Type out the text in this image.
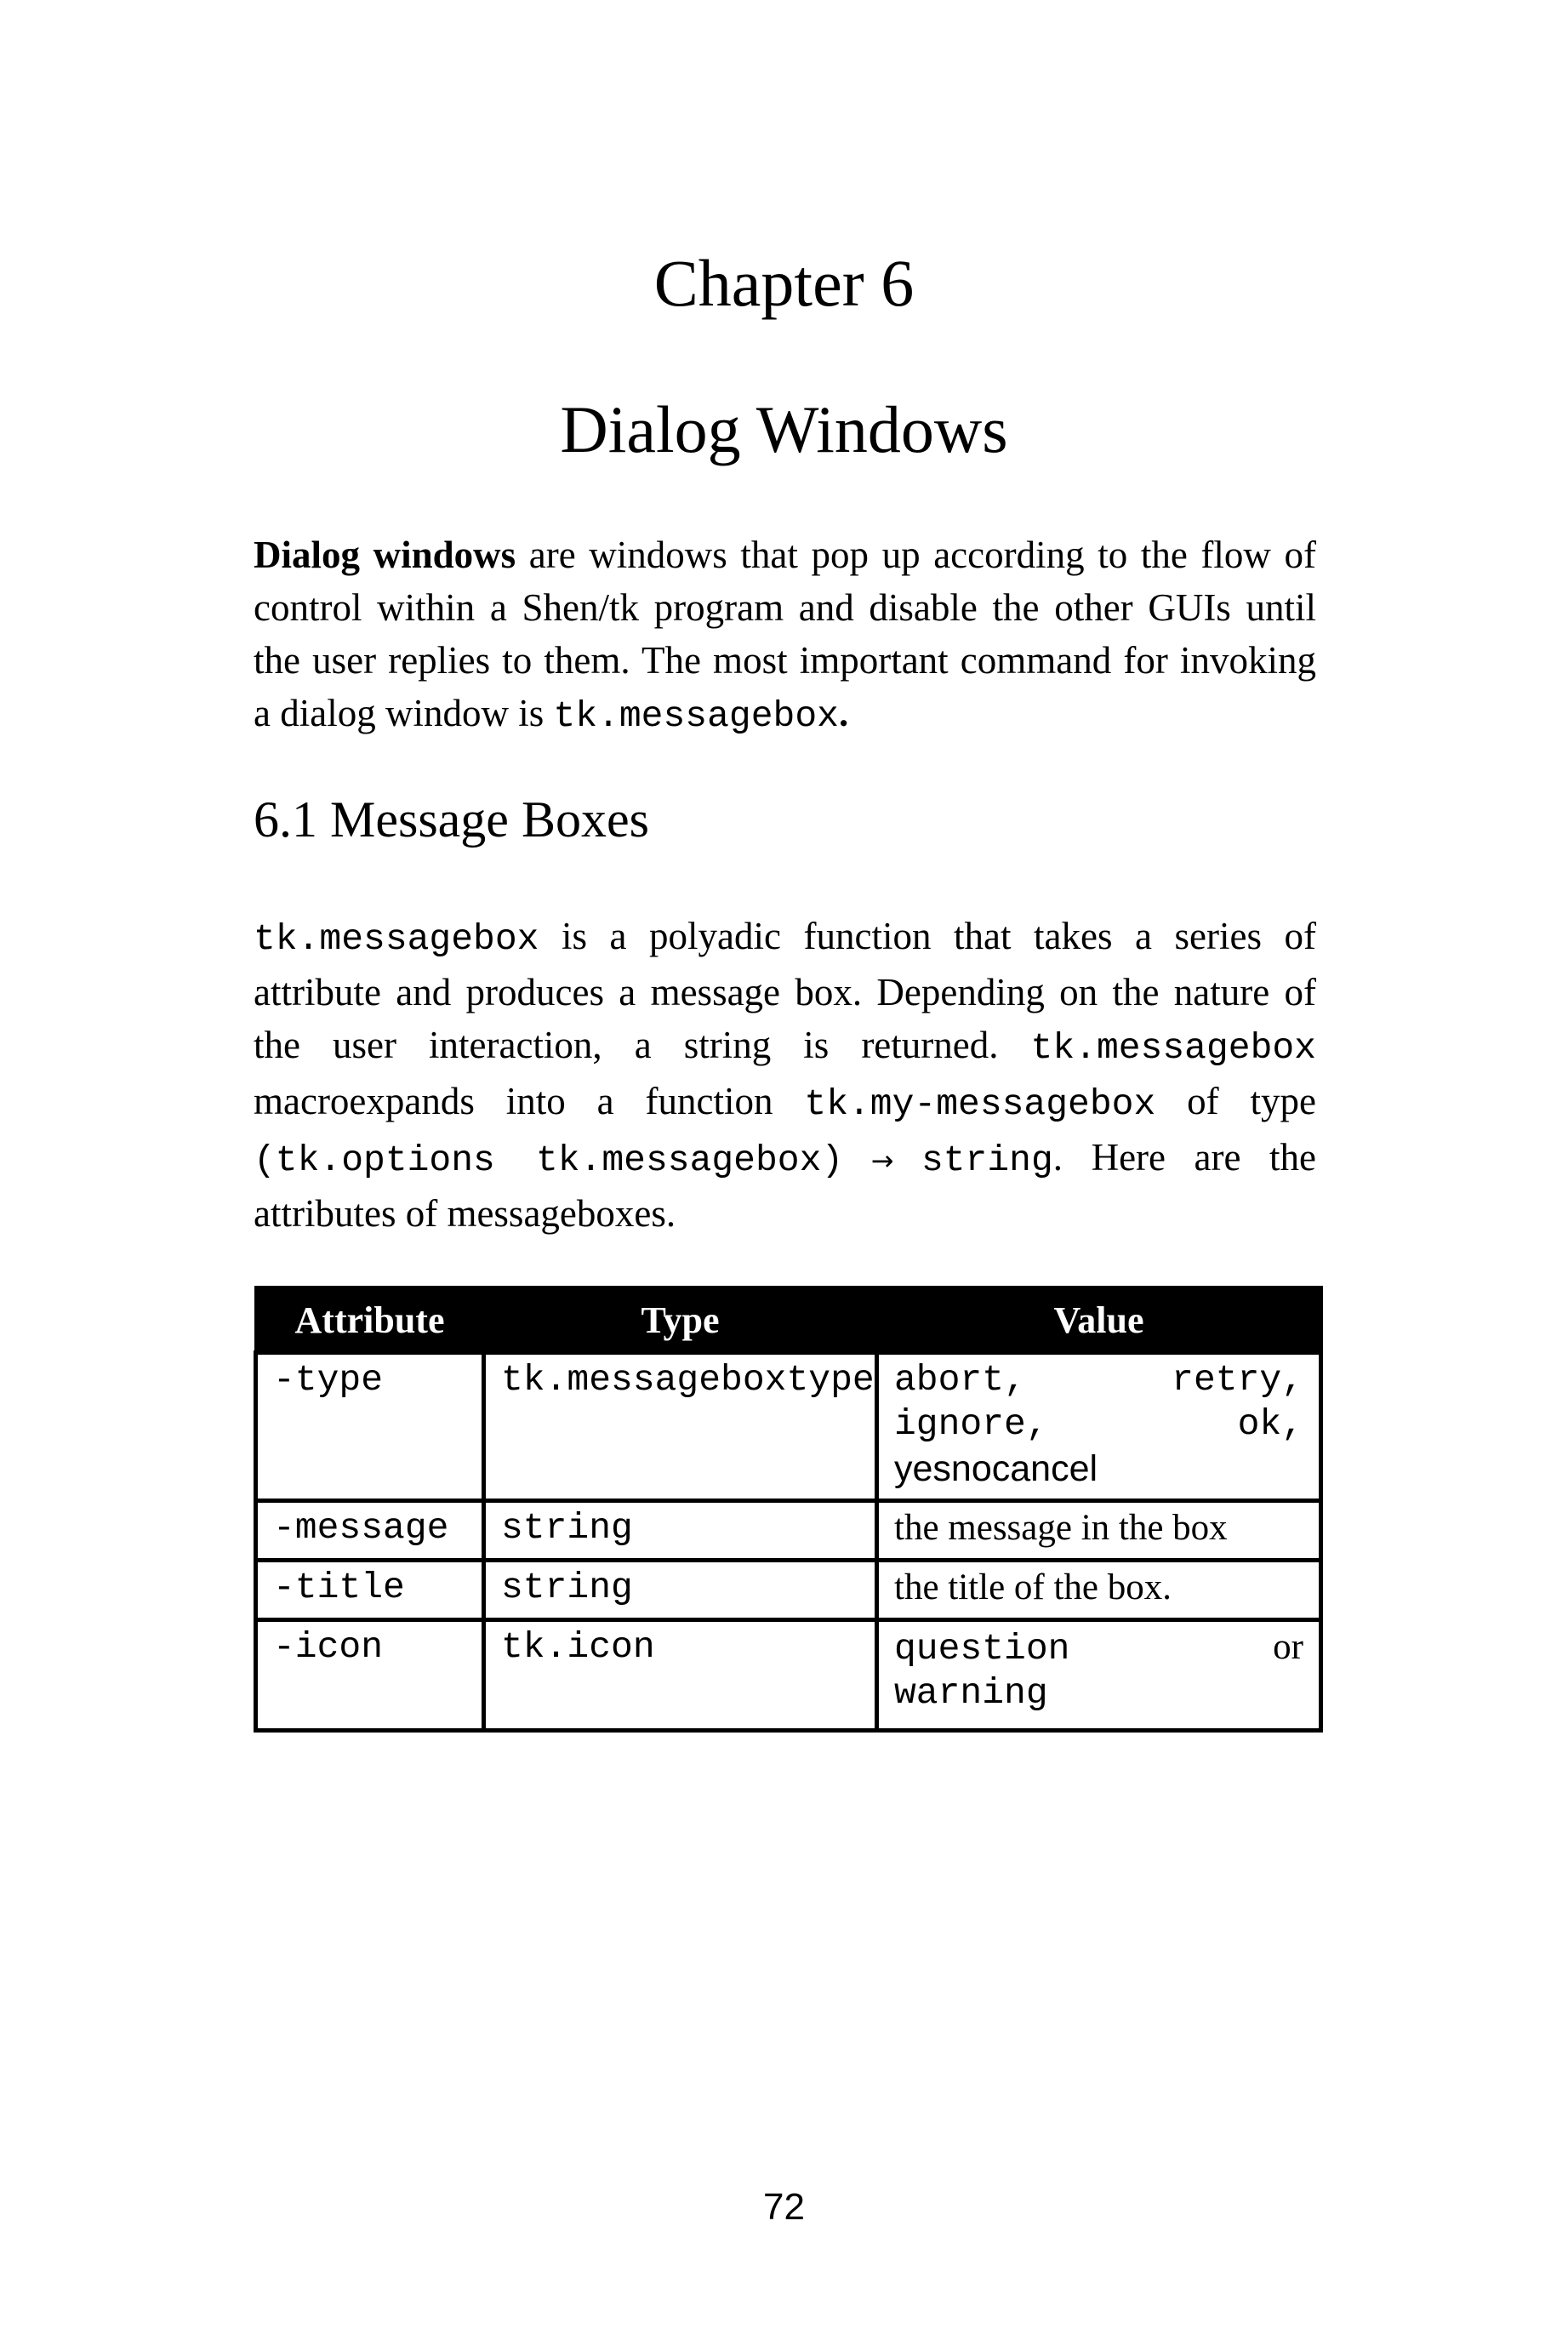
Chapter 6
Dialog Windows

Dialog windows are windows that pop up according to the flow of control within a Shen/tk program and disable the other GUIs until the user replies to them. The most important command for invoking a dialog window is tk.messagebox.

6.1 Message Boxes

tk.messagebox is a polyadic function that takes a series of attribute and produces a message box. Depending on the nature of the user interaction, a string is returned. tk.messagebox macroexpands into a function tk.my-messagebox of type (tk.options tk.messagebox) → string. Here are the attributes of messageboxes.

Attribute	Type	Value
-type	tk.messageboxtype	abort, retry,
ignore, ok,
yesnocancel
-message	string	the message in the box
-title	string	the title of the box.
-icon	tk.icon	question or
warning
72
